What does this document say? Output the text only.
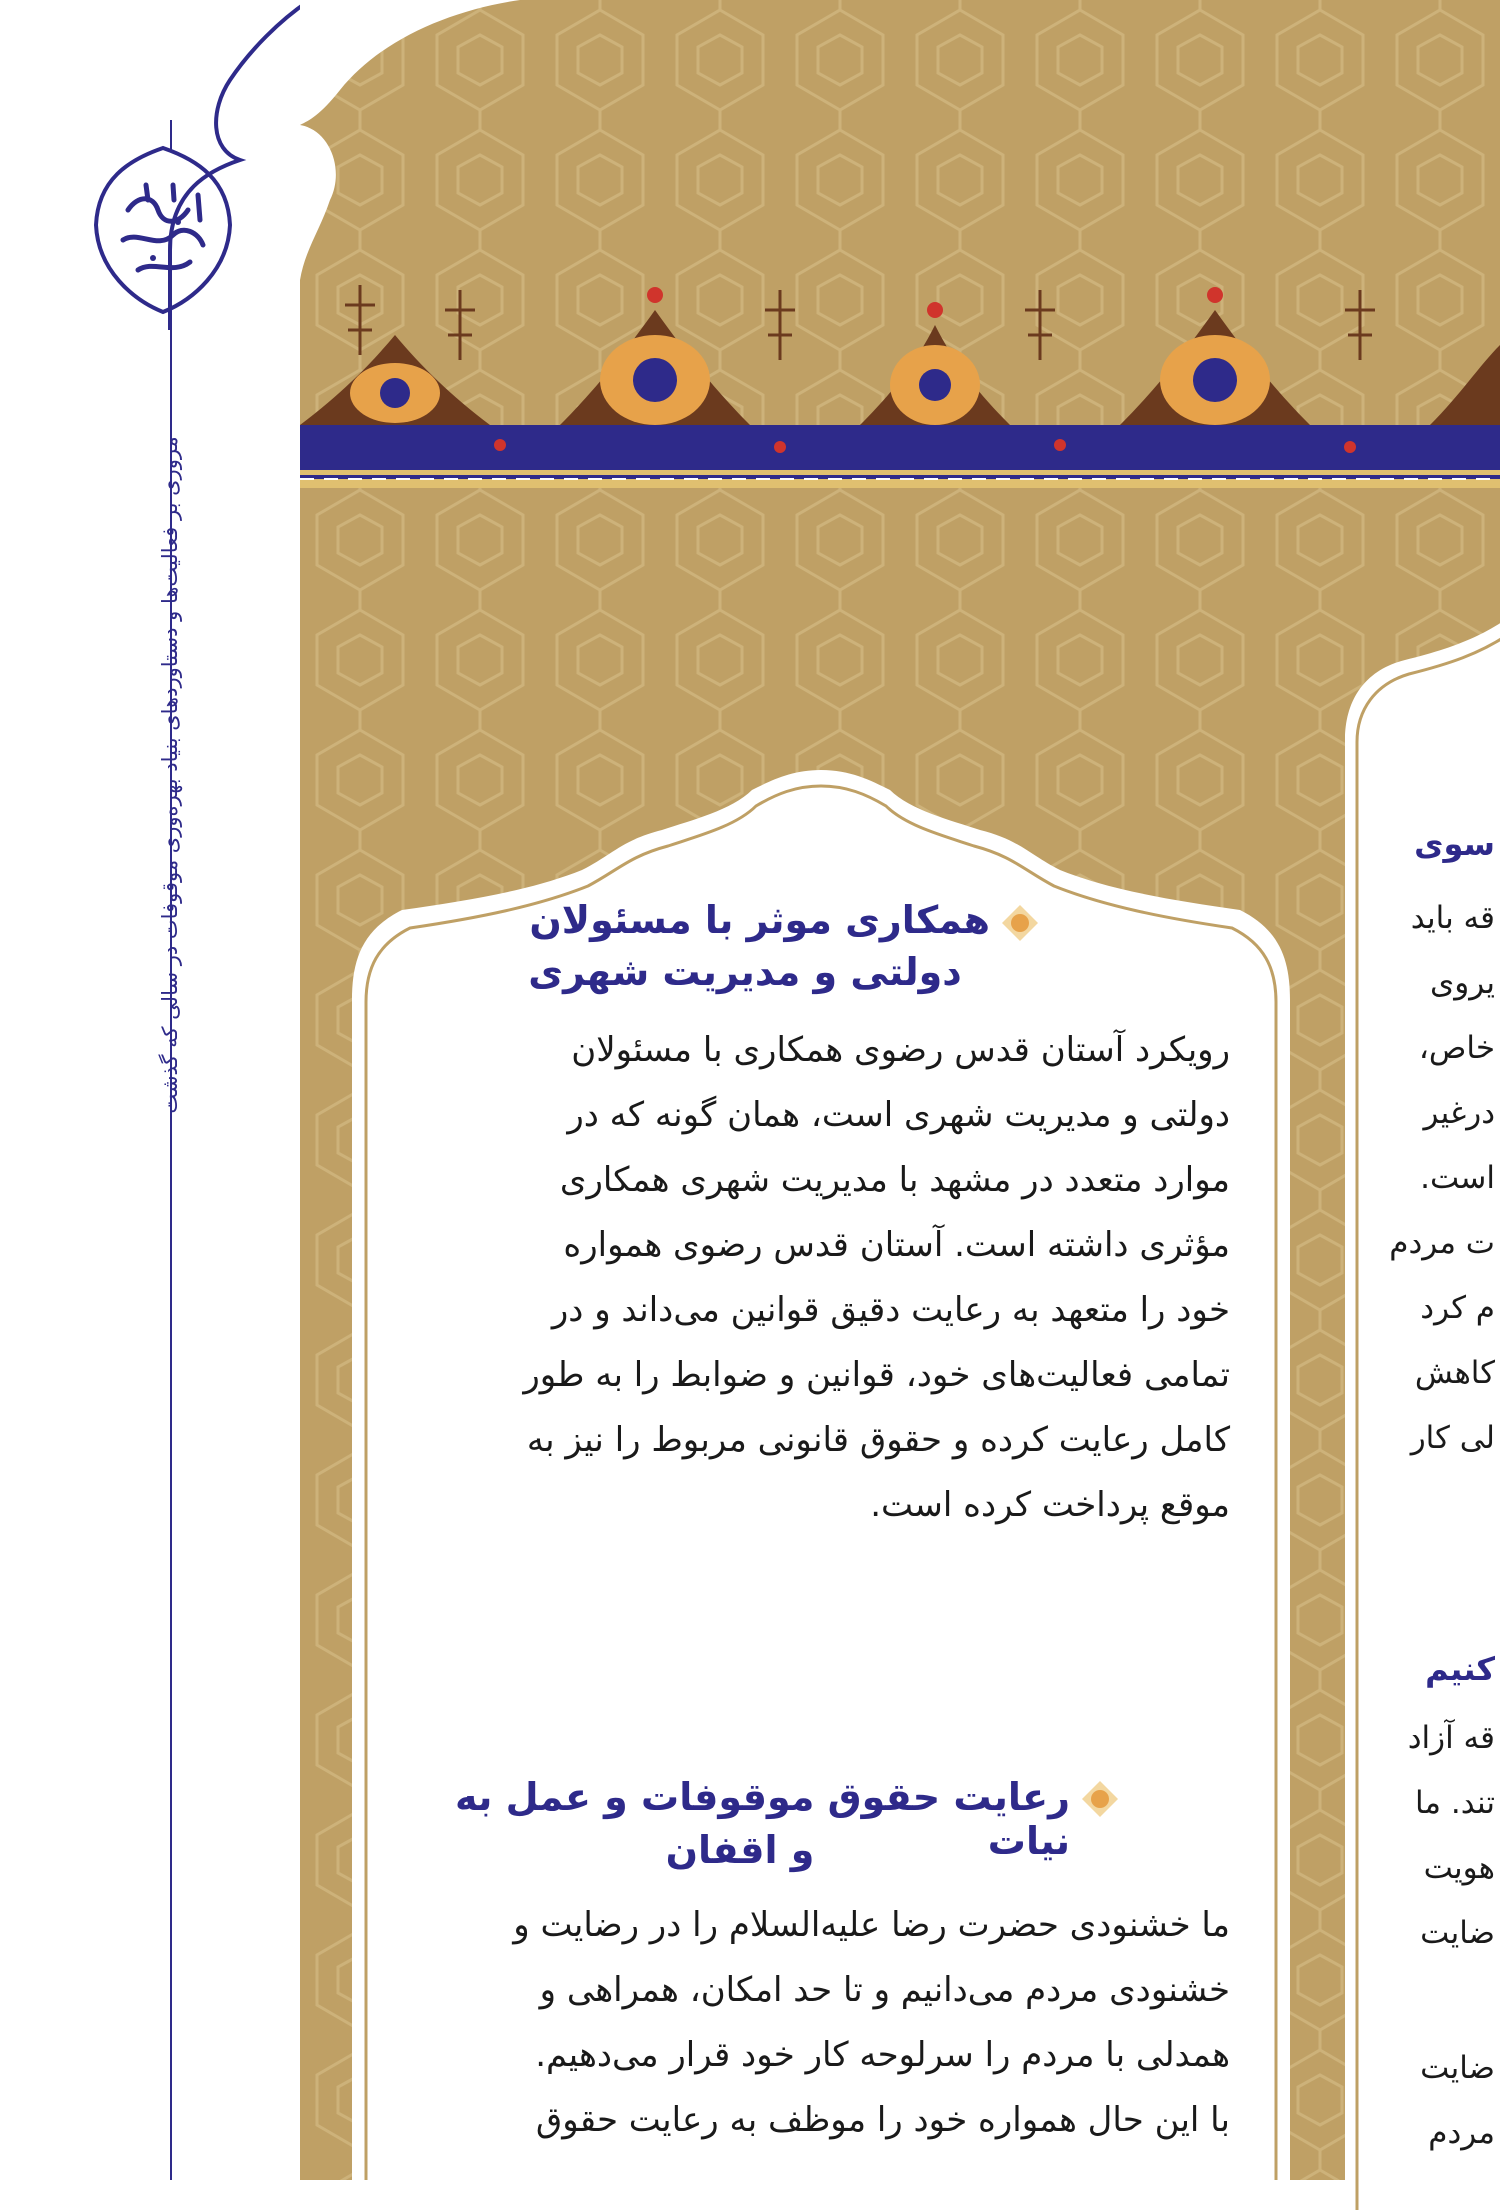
مروری بر فعالیت‌ها و دستاوردهای بنیاد بهره‌وری موقوفات در سالی که گذشت	همکاری موثر با مسئولان
دولتی و مدیریت شهری
رویکرد آستان قدس رضوی همکاری با مسئولان
دولتی و مدیریت شهری است، همان گونه که در
موارد متعدد در مشهد با مدیریت شهری همکاری
مؤثری داشته است. آستان قدس رضوی همواره
خود را متعهد به رعایت دقیق قوانین می‌داند و در
تمامی فعالیت‌های خود، قوانین و ضوابط را به طور
کامل رعایت کرده و حقوق قانونی مربوط را نیز به
موقع پرداخت کرده است.
رعایت حقوق موقوفات و عمل به نیات
و اقفان
ما خشنودی حضرت رضا علیه‌السلام را در رضایت و
خشنودی مردم می‌دانیم و تا حد امکان، همراهی و
همدلی با مردم را سرلوحه کار خود قرار می‌دهیم.
با این حال همواره خود را موظف به رعایت حقوق
سوی
قه باید
یروی
خاص،
درغیر
است.
ت مردم
م کرد
کاهش
لی کار
کنیم
قه آزاد
تند. ما
هویت
ضایت
ضایت
مردم
